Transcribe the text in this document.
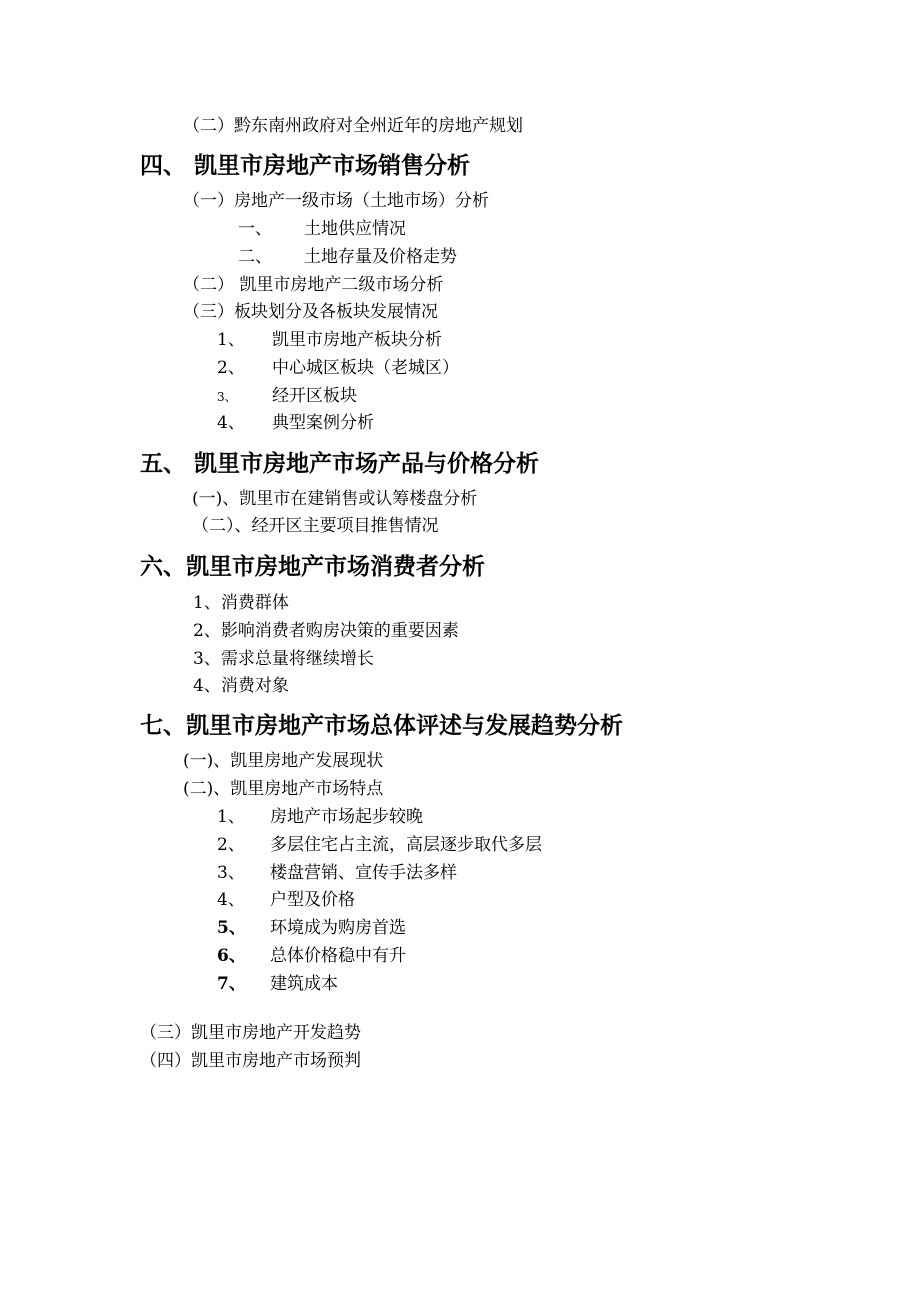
（二）黔东南州政府对全州近年的房地产规划
四、 凯里市房地产市场销售分析
（一）房地产一级市场（土地市场）分析
一、 土地供应情况
二、 土地存量及价格走势
（二） 凯里市房地产二级市场分析
（三）板块划分及各板块发展情况
1、 凯里市房地产板块分析
2、 中心城区板块（老城区）
3、 经开区板块
4、 典型案例分析
五、 凯里市房地产市场产品与价格分析
(一)、凯里市在建销售或认筹楼盘分析
（二）、经开区主要项目推售情况
六、凯里市房地产市场消费者分析
1、消费群体
2、影响消费者购房决策的重要因素
3、需求总量将继续增长
4、消费对象
七、凯里市房地产市场总体评述与发展趋势分析
(一)、凯里房地产发展现状
(二)、凯里房地产市场特点
1、 房地产市场起步较晚
2、 多层住宅占主流，高层逐步取代多层
3、 楼盘营销、宣传手法多样
4、 户型及价格
5、 环境成为购房首选
6、 总体价格稳中有升
7、 建筑成本
（三）凯里市房地产开发趋势
（四）凯里市房地产市场预判
